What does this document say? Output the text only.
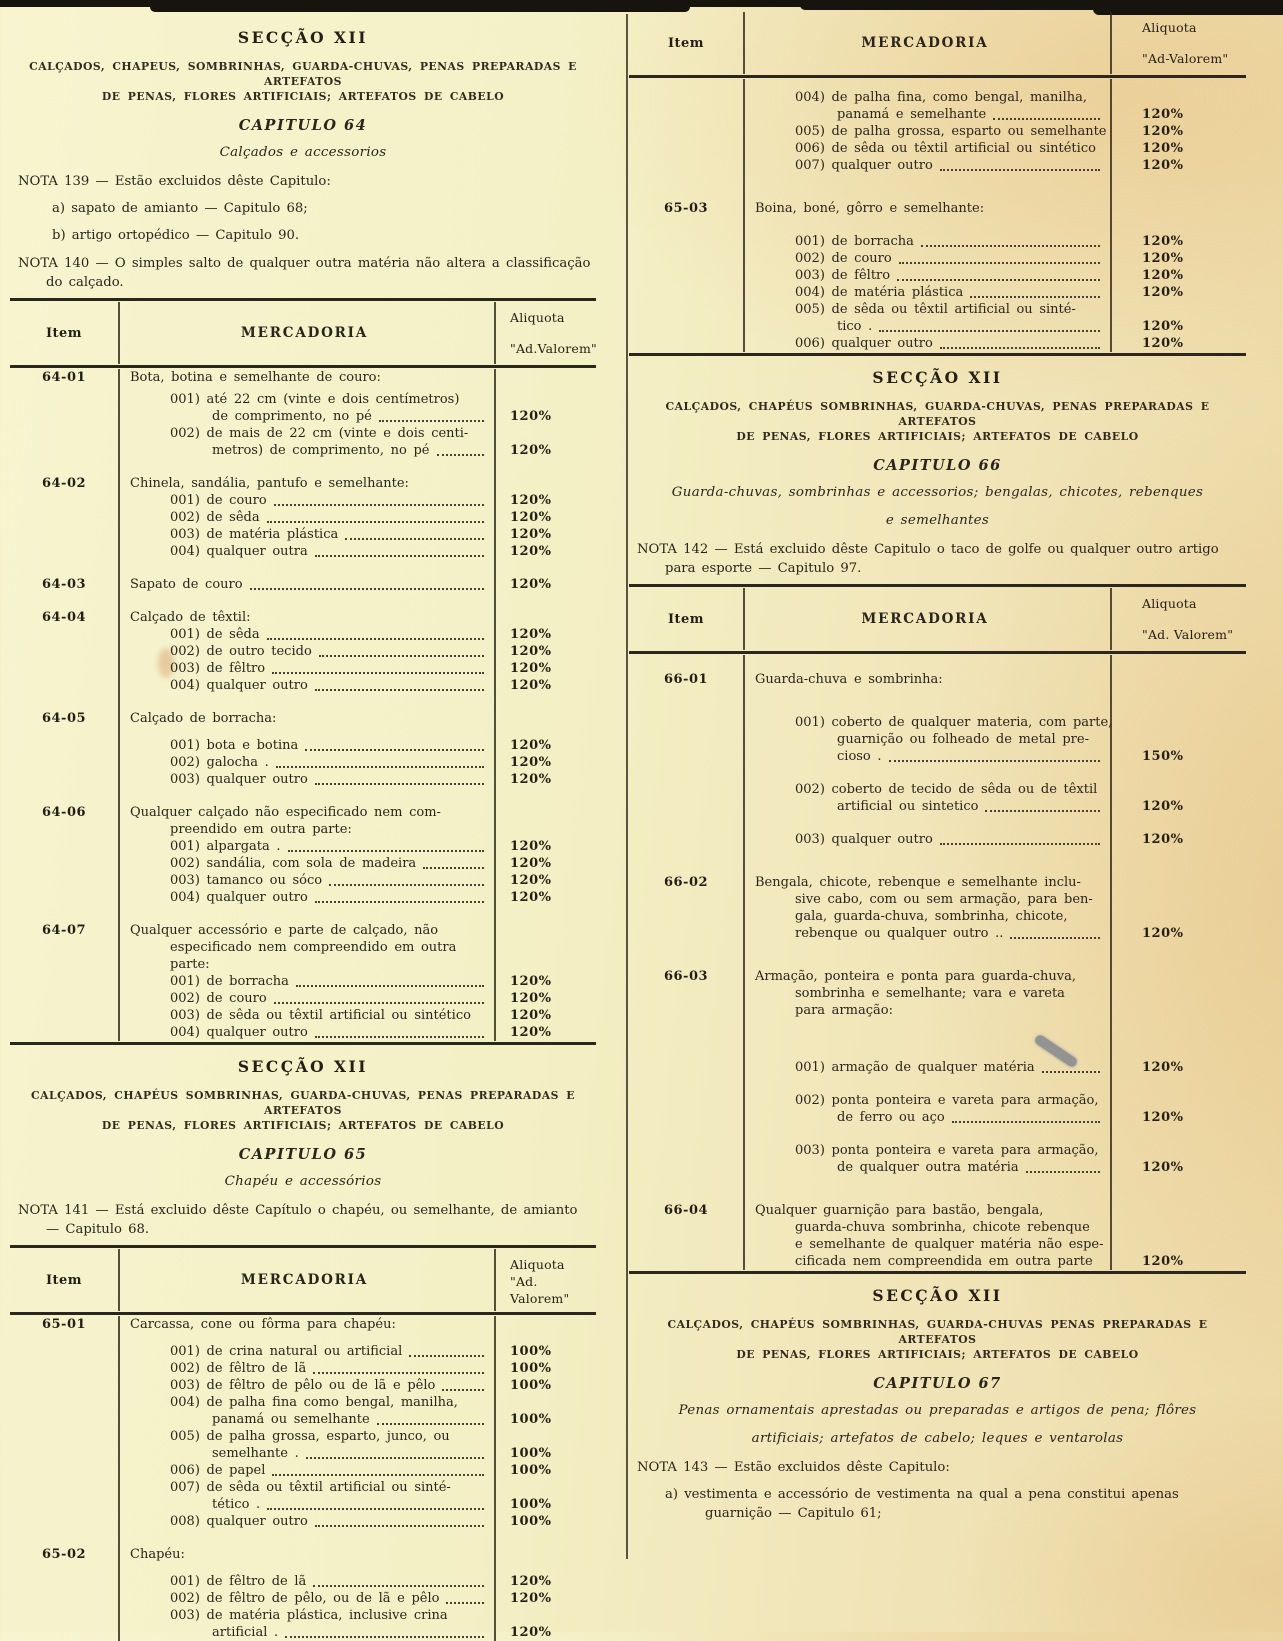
SECÇÃO XII
CALÇADOS, CHAPEUS, SOMBRINHAS, GUARDA-CHUVAS, PENAS PREPARADAS E ARTEFATOS
DE PENAS, FLORES ARTIFICIAIS; ARTEFATOS DE CABELO
CAPITULO 64
Calçados e accessorios
NOTA 139 — Estão excluidos dêste Capitulo:
a) sapato de amianto — Capitulo 68;
b) artigo ortopédico — Capitulo 90.
NOTA 140 — O simples salto de qualquer outra matéria não altera a classificação do calçado.
Item	MERCADORIA
Aliquota
"Ad.Valorem"
64-01	Bota, botina e semelhante de couro:
001) até 22 cm (vinte e dois centímetros)
de comprimento, no pé	120%
002) de mais de 22 cm (vinte e dois centi-
metros) de comprimento, no pé	120%
64-02	Chinela, sandália, pantufo e semelhante:
001) de couro	120%
002) de sêda	120%
003) de matéria plástica	120%
004) qualquer outra	120%
64-03	Sapato de couro	120%
64-04	Calçado de têxtil:
001) de sêda	120%
002) de outro tecido	120%
003) de fêltro	120%
004) qualquer outro	120%
64-05	Calçado de borracha:
001) bota e botina	120%
002) galocha .	120%
003) qualquer outro	120%
64-06	Qualquer calçado não especificado nem com-
preendido em outra parte:
001) alpargata .	120%
002) sandália, com sola de madeira	120%
003) tamanco ou sóco	120%
004) qualquer outro	120%
64-07	Qualquer accessório e parte de calçado, não
especificado nem compreendido em outra
parte:
001) de borracha	120%
002) de couro	120%
003) de sêda ou têxtil artificial ou sintético	120%
004) qualquer outro	120%
SECÇÃO XII
CALÇADOS, CHAPÉUS SOMBRINHAS, GUARDA-CHUVAS, PENAS PREPARADAS E ARTEFATOS
DE PENAS, FLORES ARTIFICIAIS; ARTEFATOS DE CABELO
CAPITULO 65
Chapéu e accessórios
NOTA 141 — Está excluido dêste Capítulo o chapéu, ou semelhante, de amianto — Capitulo 68.
Item	MERCADORIA
Aliquota
"Ad. Valorem"
65-01	Carcassa, cone ou fôrma para chapéu:
001) de crina natural ou artificial	100%
002) de fêltro de lã	100%
003) de fêltro de pêlo ou de lã e pêlo	100%
004) de palha fina como bengal, manilha,
panamá ou semelhante	100%
005) de palha grossa, esparto, junco, ou
semelhante .	100%
006) de papel	100%
007) de sêda ou têxtil artificial ou sinté-
tético .	100%
008) qualquer outro	100%
65-02	Chapéu:
001) de fêltro de lã	120%
002) de fêltro de pêlo, ou de lã e pêlo	120%
003) de matéria plástica, inclusive crina
artificial .	120%
Item	MERCADORIA
Aliquota
"Ad-Valorem"
004) de palha fina, como bengal, manilha,
panamá e semelhante	120%
005) de palha grossa, esparto ou semelhante	120%
006) de sêda ou têxtil artificial ou sintético	120%
007) qualquer outro	120%
65-03	Boina, boné, gôrro e semelhante:
001) de borracha	120%
002) de couro	120%
003) de fêltro	120%
004) de matéria plástica	120%
005) de sêda ou têxtil artificial ou sinté-
tico .	120%
006) qualquer outro	120%
SECÇÃO XII
CALÇADOS, CHAPÉUS SOMBRINHAS, GUARDA-CHUVAS, PENAS PREPARADAS E ARTEFATOS
DE PENAS, FLORES ARTIFICIAIS; ARTEFATOS DE CABELO
CAPITULO 66
Guarda-chuvas, sombrinhas e accessorios; bengalas, chicotes, rebenques
e semelhantes
NOTA 142 — Está excluido dêste Capitulo o taco de golfe ou qualquer outro artigo para esporte — Capitulo 97.
Item	MERCADORIA
Aliquota
"Ad. Valorem"
66-01	Guarda-chuva e sombrinha:
001) coberto de qualquer materia, com parte,
guarnição ou folheado de metal pre-
cioso .	150%
002) coberto de tecido de sêda ou de têxtil
artificial ou sintetico	120%
003) qualquer outro	120%
66-02	Bengala, chicote, rebenque e semelhante inclu-
sive cabo, com ou sem armação, para ben-
gala, guarda-chuva, sombrinha, chicote,
rebenque ou qualquer outro ..	120%
66-03	Armação, ponteira e ponta para guarda-chuva,
sombrinha e semelhante; vara e vareta
para armação:
001) armação de qualquer matéria	120%
002) ponta ponteira e vareta para armação,
de ferro ou aço	120%
003) ponta ponteira e vareta para armação,
de qualquer outra matéria	120%
66-04	Qualquer guarnição para bastão, bengala,
guarda-chuva sombrinha, chicote rebenque
e semelhante de qualquer matéria não espe-
cificada nem compreendida em outra parte	120%
SECÇÃO XII
CALÇADOS, CHAPÉUS SOMBRINHAS, GUARDA-CHUVAS PENAS PREPARADAS E ARTEFATOS
DE PENAS, FLORES ARTIFICIAIS; ARTEFATOS DE CABELO
CAPITULO 67
Penas ornamentais aprestadas ou preparadas e artigos de pena; flôres
artificiais; artefatos de cabelo; leques e ventarolas
NOTA 143 — Estão excluidos dêste Capitulo:
a) vestimenta e accessório de vestimenta na qual a pena constitui apenas guarnição — Capitulo 61;
